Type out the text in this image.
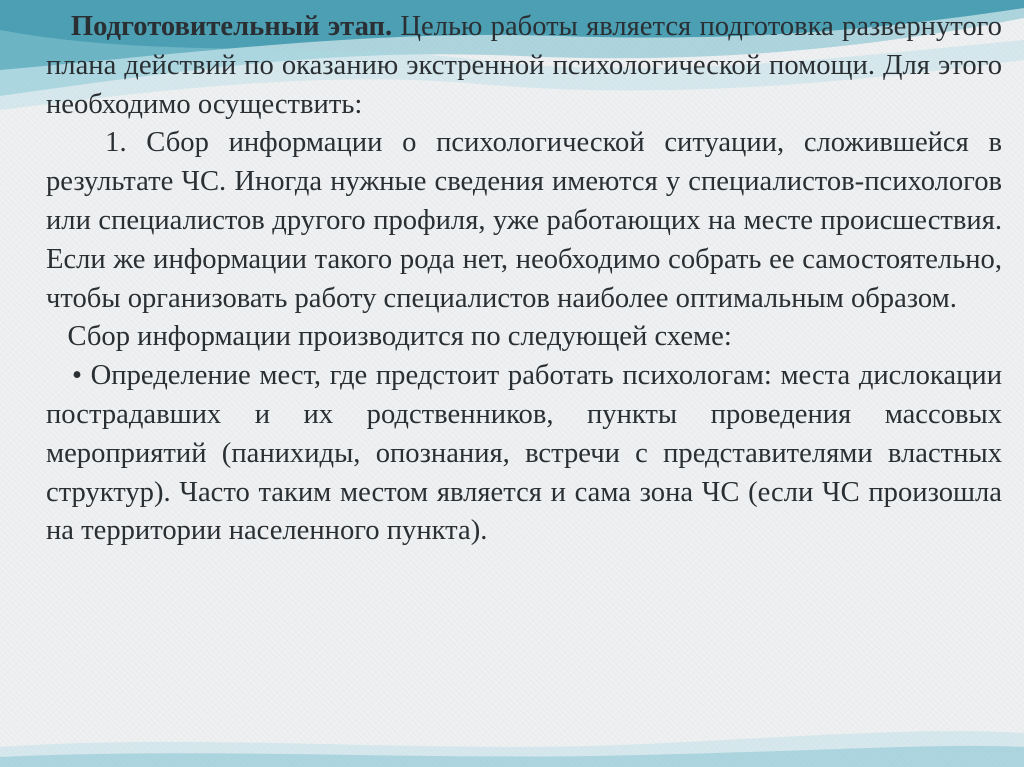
Подготовительный этап. Целью работы является подготовка развернутого плана действий по оказанию экстренной психологической помощи. Для этого необходимо осуществить:

1. Сбор информации о психологической ситуации, сложившейся в результате ЧС. Иногда нужные сведения имеются у специалистов-психологов или специалистов другого профиля, уже работающих на месте происшествия. Если же информации такого рода нет, необходимо собрать ее самостоятельно, чтобы организовать работу специалистов наиболее оптимальным образом.

Сбор информации производится по следующей схеме:

• Определение мест, где предстоит работать психологам: места дислокации пострадавших и их родственников, пункты проведения массовых мероприятий (панихиды, опознания, встречи с представителями властных структур). Часто таким местом является и сама зона ЧС (если ЧС произошла на территории населенного пункта).
